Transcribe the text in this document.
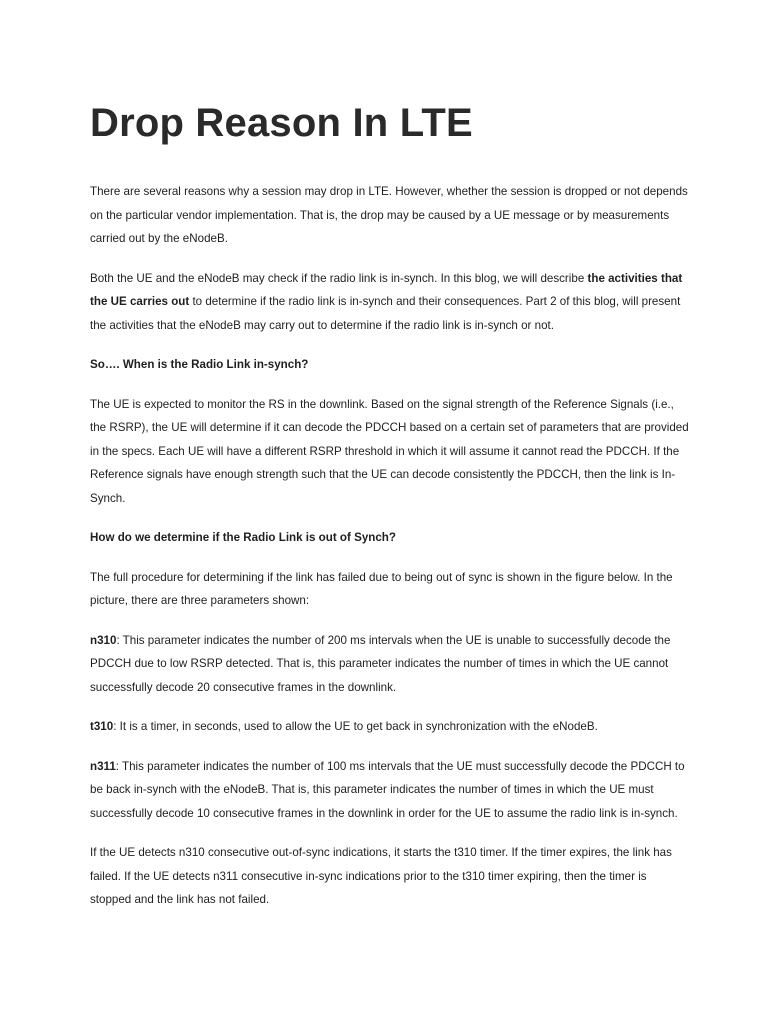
Drop Reason In LTE

There are several reasons why a session may drop in LTE. However, whether the session is dropped or not depends on the particular vendor implementation. That is, the drop may be caused by a UE message or by measurements carried out by the eNodeB.

Both the UE and the eNodeB may check if the radio link is in-synch. In this blog, we will describe the activities that the UE carries out to determine if the radio link is in-synch and their consequences. Part 2 of this blog, will present the activities that the eNodeB may carry out to determine if the radio link is in-synch or not.

So…. When is the Radio Link in-synch?

The UE is expected to monitor the RS in the downlink. Based on the signal strength of the Reference Signals (i.e., the RSRP), the UE will determine if it can decode the PDCCH based on a certain set of parameters that are provided in the specs. Each UE will have a different RSRP threshold in which it will assume it cannot read the PDCCH. If the Reference signals have enough strength such that the UE can decode consistently the PDCCH, then the link is In-Synch.

How do we determine if the Radio Link is out of Synch?

The full procedure for determining if the link has failed due to being out of sync is shown in the figure below. In the picture, there are three parameters shown:

n310: This parameter indicates the number of 200 ms intervals when the UE is unable to successfully decode the PDCCH due to low RSRP detected. That is, this parameter indicates the number of times in which the UE cannot successfully decode 20 consecutive frames in the downlink.

t310: It is a timer, in seconds, used to allow the UE to get back in synchronization with the eNodeB.

n311: This parameter indicates the number of 100 ms intervals that the UE must successfully decode the PDCCH to be back in-synch with the eNodeB. That is, this parameter indicates the number of times in which the UE must successfully decode 10 consecutive frames in the downlink in order for the UE to assume the radio link is in-synch.

If the UE detects n310 consecutive out-of-sync indications, it starts the t310 timer. If the timer expires, the link has failed. If the UE detects n311 consecutive in-sync indications prior to the t310 timer expiring, then the timer is stopped and the link has not failed.
